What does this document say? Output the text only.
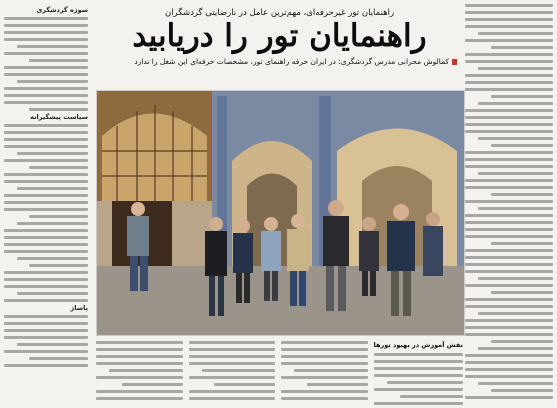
راهنمایان تور غیرحرفه‌ای، مهم‌ترین عامل در نارضایتی گردشگران
راهنمایان تور را دریابید
کمالوش محرابی مدرس گردشگری: در ایران حرفه راهنمای تور، مشخصات حرفه‌ای این شغل را ندارد
نقش آموزش در بهبود تورها
سوژه گردشگری
سیاست پیشگیرانه
پاساژ
